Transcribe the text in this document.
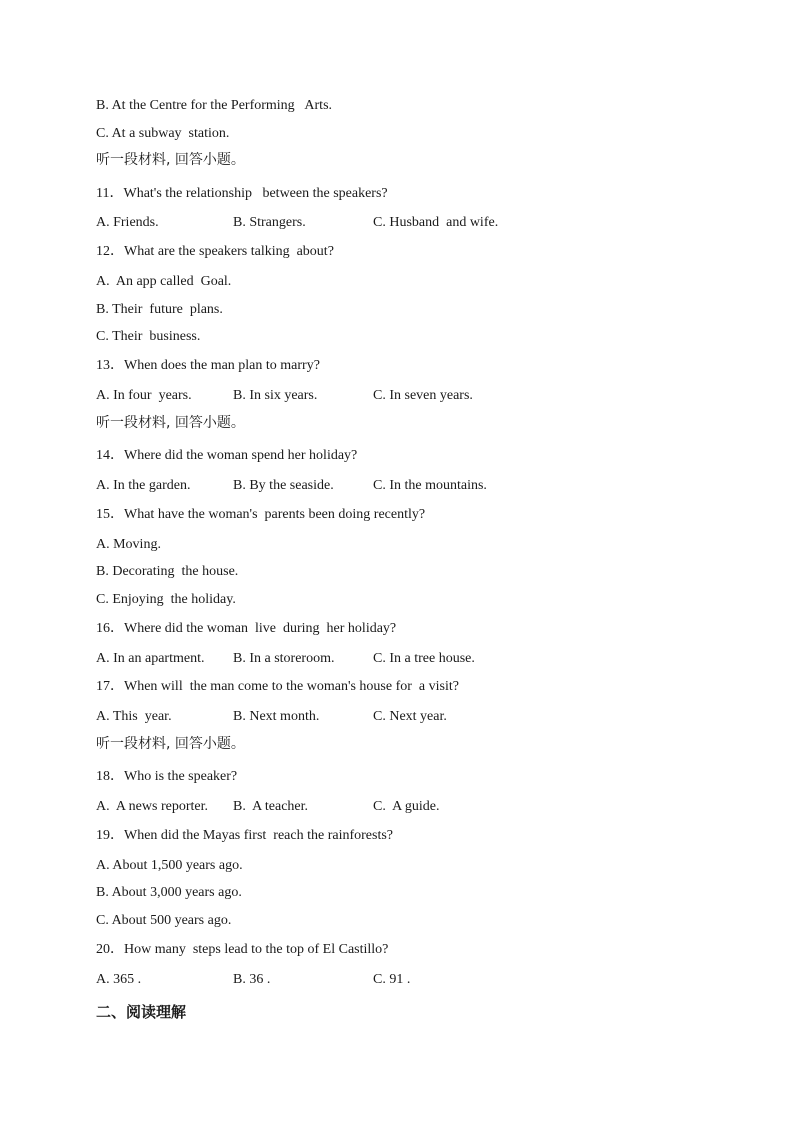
B. At the Centre for the Performing   Arts.
C. At a subway  station.
听一段材料, 回答小题。
11．What's the relationship   between the speakers?

A. Friends.

	B. Strangers.

	C. Husband  and wife.

12．What are the speakers talking  about?
A.  An app called  Goal.
B. Their  future  plans.
C. Their  business.
13．When does the man plan to marry?

A. In four  years.

	B. In six years.

	C. In seven years.

听一段材料, 回答小题。
14．Where did the woman spend her holiday?

A. In the garden.

	B. By the seaside.

	C. In the mountains.

15．What have the woman's  parents been doing recently?
A. Moving.
B. Decorating  the house.
C. Enjoying  the holiday.
16．Where did the woman  live  during  her holiday?

A. In an apartment.

B. In a storeroom.

	C. In a tree house.

17．When will  the man come to the woman's house for  a visit?

A. This  year.

	B. Next month.

	C. Next year.

听一段材料, 回答小题。
18．Who is the speaker?

A.  A news reporter.

B.  A teacher.

	C.  A guide.

19．When did the Mayas first  reach the rainforests?
A. About 1,500 years ago.
B. About 3,000 years ago.
C. About 500 years ago.
20．How many  steps lead to the top of El Castillo?

A. 365 .

	B. 36 .

	C. 91 .

二、阅读理解
